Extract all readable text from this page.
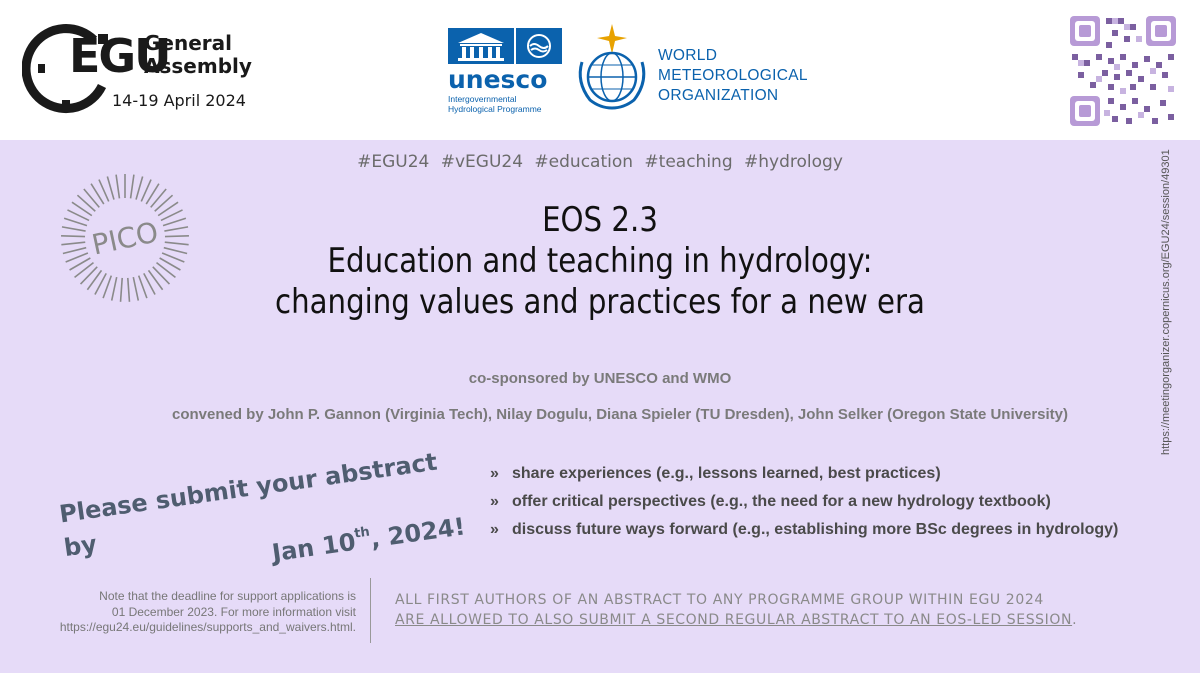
EGU
General
Assembly
14-19 April 2024
unesco
Intergovernmental
Hydrological Programme
WORLD
METEOROLOGICAL
ORGANIZATION
#EGU24 #vEGU24 #education #teaching #hydrology
PICO	EOS 2.3
Education and teaching in hydrology:
changing values and practices for a new era
co-sponsored by UNESCO and WMO
convened by John P. Gannon (Virginia Tech), Nilay Dogulu, Diana Spieler (TU Dresden), John Selker (Oregon State University)	https://meetingorganizer.copernicus.org/EGU24/session/49301
Please submit your abstract by	Jan 10th, 2024!
» share experiences (e.g., lessons learned, best practices)
» offer critical perspectives (e.g., the need for a new hydrology textbook)
» discuss future ways forward (e.g., establishing more BSc degrees in hydrology)
Note that the deadline for support applications is
01 December 2023. For more information visit
https://egu24.eu/guidelines/supports_and_waivers.html.
ALL FIRST AUTHORS OF AN ABSTRACT TO ANY PROGRAMME GROUP WITHIN EGU 2024
ARE ALLOWED TO ALSO SUBMIT A SECOND REGULAR ABSTRACT TO AN EOS-LED SESSION.
